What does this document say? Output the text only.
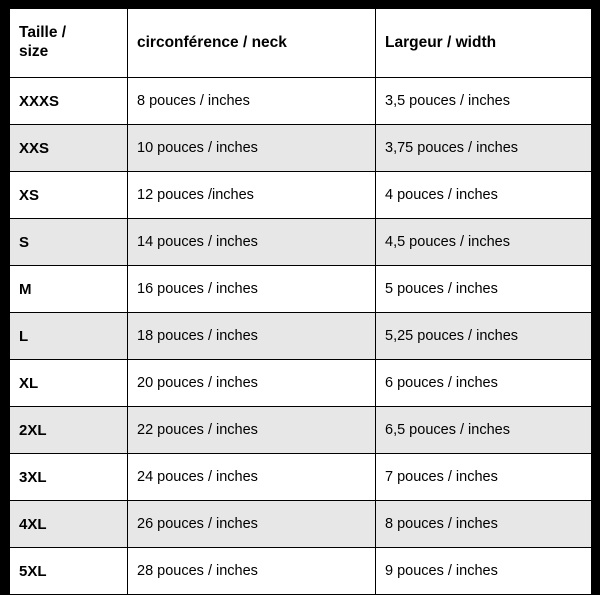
Taille /
size	circonférence / neck	Largeur / width
XXXS	8 pouces / inches	3,5 pouces / inches
XXS	10 pouces / inches	3,75 pouces / inches
XS	12 pouces /inches	4 pouces / inches
S	14 pouces / inches	4,5 pouces / inches
M	16 pouces / inches	5 pouces / inches
L	18 pouces / inches	5,25 pouces / inches
XL	20 pouces / inches	6 pouces / inches
2XL	22 pouces / inches	6,5 pouces / inches
3XL	24 pouces / inches	7 pouces / inches
4XL	26 pouces / inches	8 pouces / inches
5XL	28 pouces / inches	9 pouces / inches
